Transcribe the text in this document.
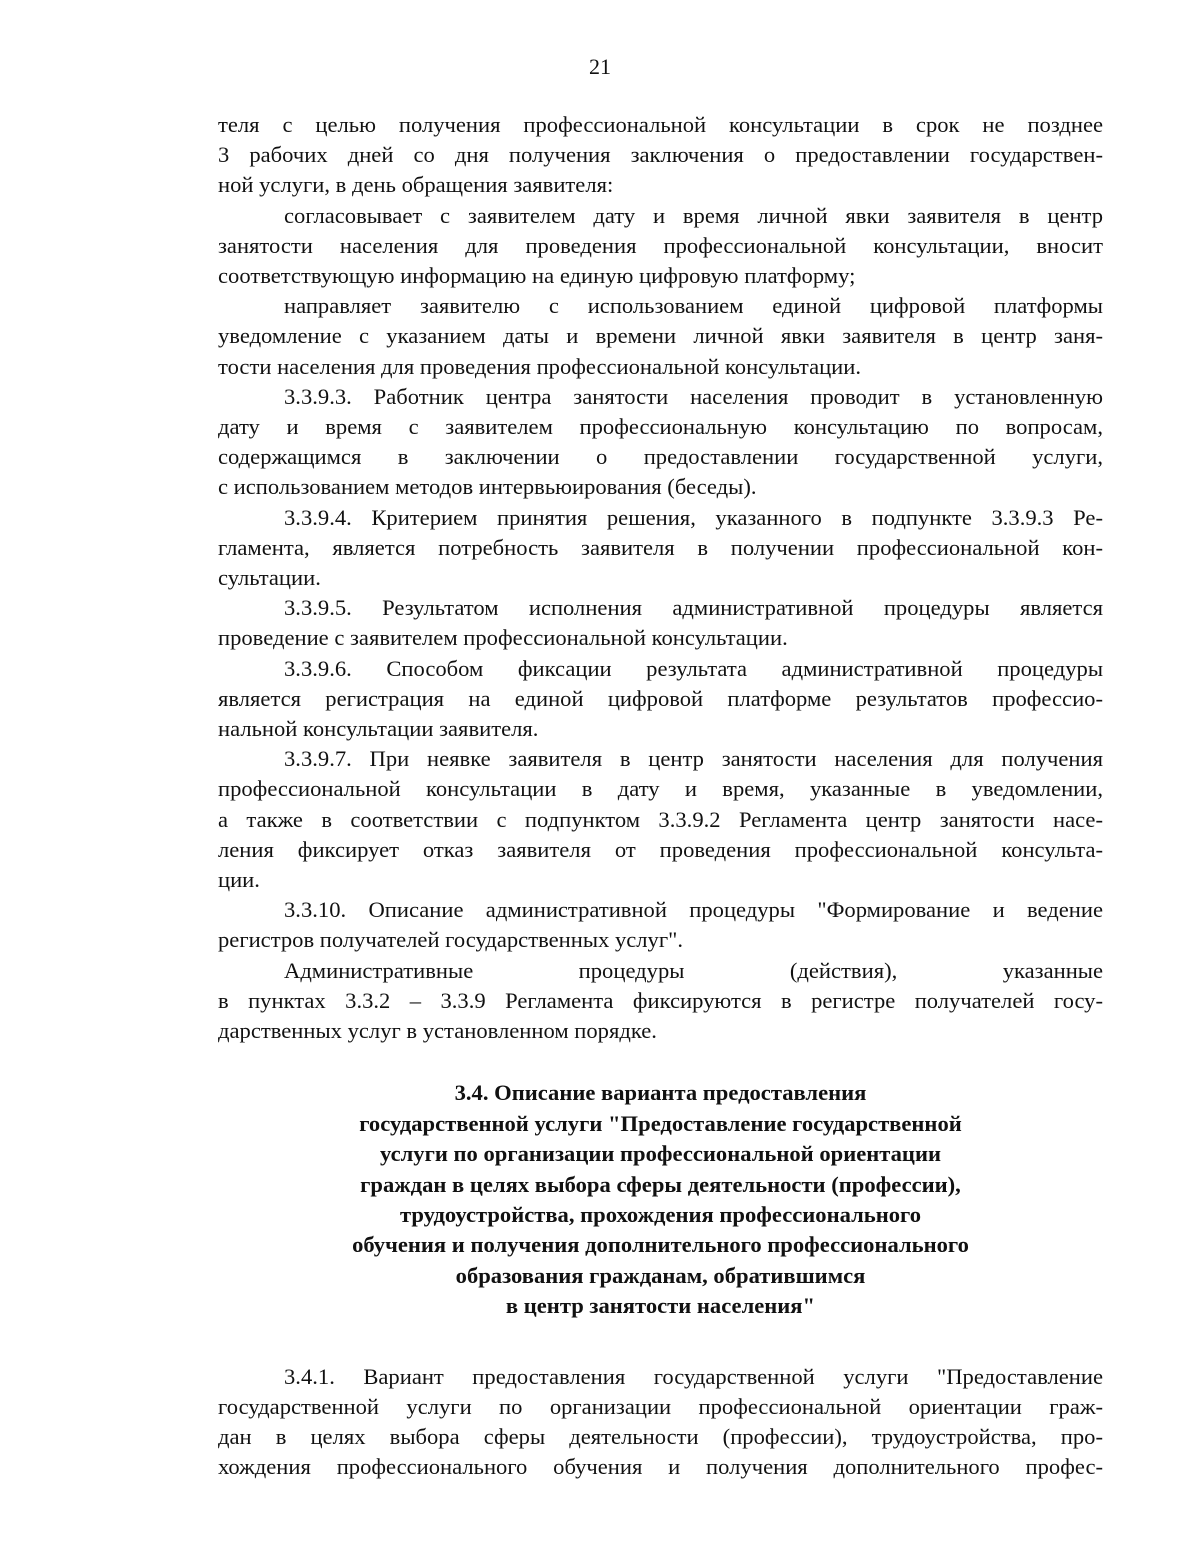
21

теля с целью получения профессиональной консультации в срок не позднее
3 рабочих дней со дня получения заключения о предоставлении государствен-
ной услуги, в день обращения заявителя:

согласовывает с заявителем дату и время личной явки заявителя в центр
занятости населения для проведения профессиональной консультации, вносит
соответствующую информацию на единую цифровую платформу;

направляет заявителю с использованием единой цифровой платформы
уведомление с указанием даты и времени личной явки заявителя в центр заня-
тости населения для проведения профессиональной консультации.

3.3.9.3. Работник центра занятости населения проводит в установленную
дату и время с заявителем профессиональную консультацию по вопросам,
содержащимся в заключении о предоставлении государственной услуги,
с использованием методов интервьюирования (беседы).

3.3.9.4. Критерием принятия решения, указанного в подпункте 3.3.9.3 Ре-
гламента, является потребность заявителя в получении профессиональной кон-
сультации.

3.3.9.5. Результатом исполнения административной процедуры является
проведение с заявителем профессиональной консультации.

3.3.9.6. Способом фиксации результата административной процедуры
является регистрация на единой цифровой платформе результатов профессио-
нальной консультации заявителя.

3.3.9.7. При неявке заявителя в центр занятости населения для получения
профессиональной консультации в дату и время, указанные в уведомлении,
а также в соответствии с подпунктом 3.3.9.2 Регламента центр занятости насе-
ления фиксирует отказ заявителя от проведения профессиональной консульта-
ции.

3.3.10. Описание административной процедуры "Формирование и ведение
регистров получателей государственных услуг".

Административные процедуры (действия), указанные
в пунктах 3.3.2 – 3.3.9 Регламента фиксируются в регистре получателей госу-
дарственных услуг в установленном порядке.

3.4. Описание варианта предоставления
государственной услуги "Предоставление государственной
услуги по организации профессиональной ориентации
граждан в целях выбора сферы деятельности (профессии),
трудоустройства, прохождения профессионального
обучения и получения дополнительного профессионального
образования гражданам, обратившимся
в центр занятости населения"

3.4.1. Вариант предоставления государственной услуги "Предоставление
государственной услуги по организации профессиональной ориентации граж-
дан в целях выбора сферы деятельности (профессии), трудоустройства, про-
хождения профессионального обучения и получения дополнительного профес-
